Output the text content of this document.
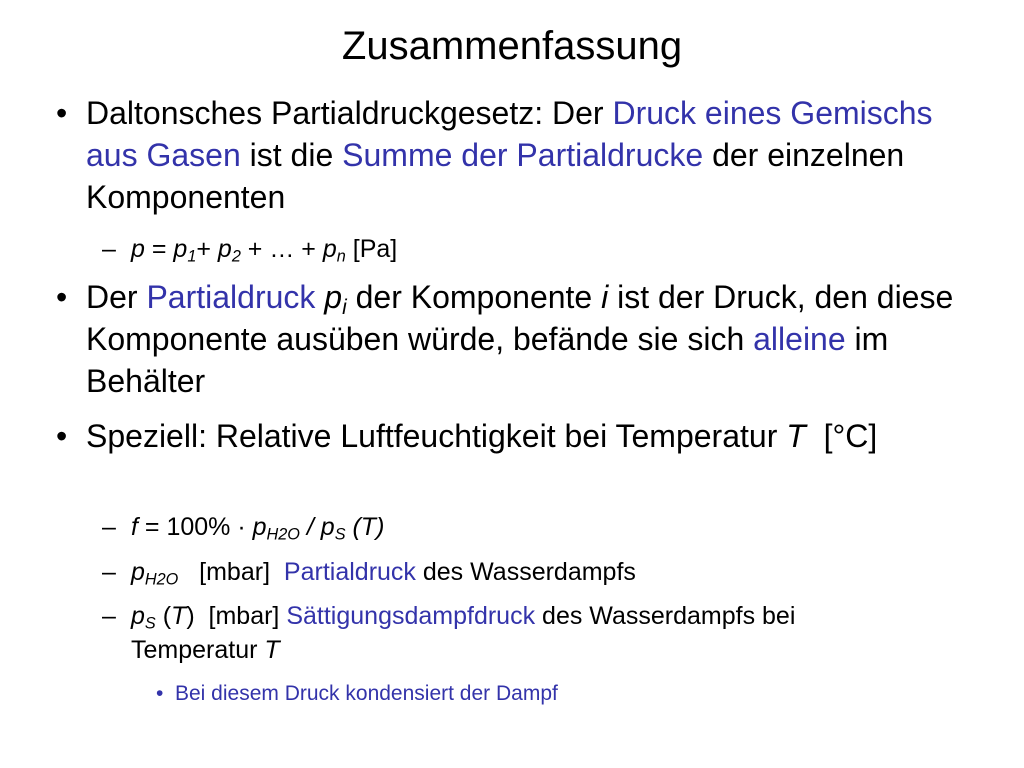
Zusammenfassung
• Daltonsches Partialdruckgesetz: Der Druck eines Gemischs aus Gasen ist die Summe der Partialdrucke der einzelnen Komponenten
– $p = p_1+ p_2$ + … + $p_n$ [Pa]
• Der Partialdruck $p_i$ der Komponente i ist der Druck, den diese Komponente ausüben würde, befände sie sich alleine im Behälter
• Speziell: Relative Luftfeuchtigkeit bei Temperatur T  [°C]
– $f = 100\% \cdot p_{H2O} / p_S$ (T)
– $p_{H2O}$   [mbar]  Partialdruck des Wasserdampfs
– $p_S$ (T)  [mbar] Sättigungsdampfdruck des Wasserdampfs bei Temperatur T
• Bei diesem Druck kondensiert der Dampf
